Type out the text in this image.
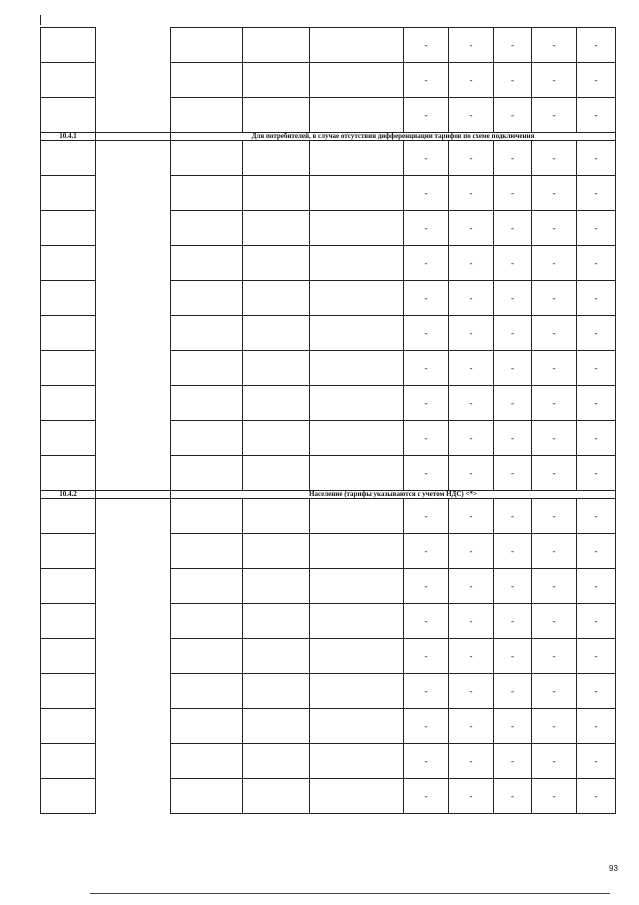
					-	-	-	-	-
					-	-	-	-	-
					-	-	-	-	-
10.4.1		Для потребителей, в случае отсутствия дифференциации тарифов по схеме подключения							
					-	-	-	-	-
					-	-	-	-	-
					-	-	-	-	-
					-	-	-	-	-
					-	-	-	-	-
					-	-	-	-	-
					-	-	-	-	-
					-	-	-	-	-
					-	-	-	-	-
					-	-	-	-	-
10.4.2		Население (тарифы указываются с учетом НДС) <*>							
					-	-	-	-	-
					-	-	-	-	-
					-	-	-	-	-
					-	-	-	-	-
					-	-	-	-	-
					-	-	-	-	-
					-	-	-	-	-
					-	-	-	-	-
					-	-	-	-	-
93
